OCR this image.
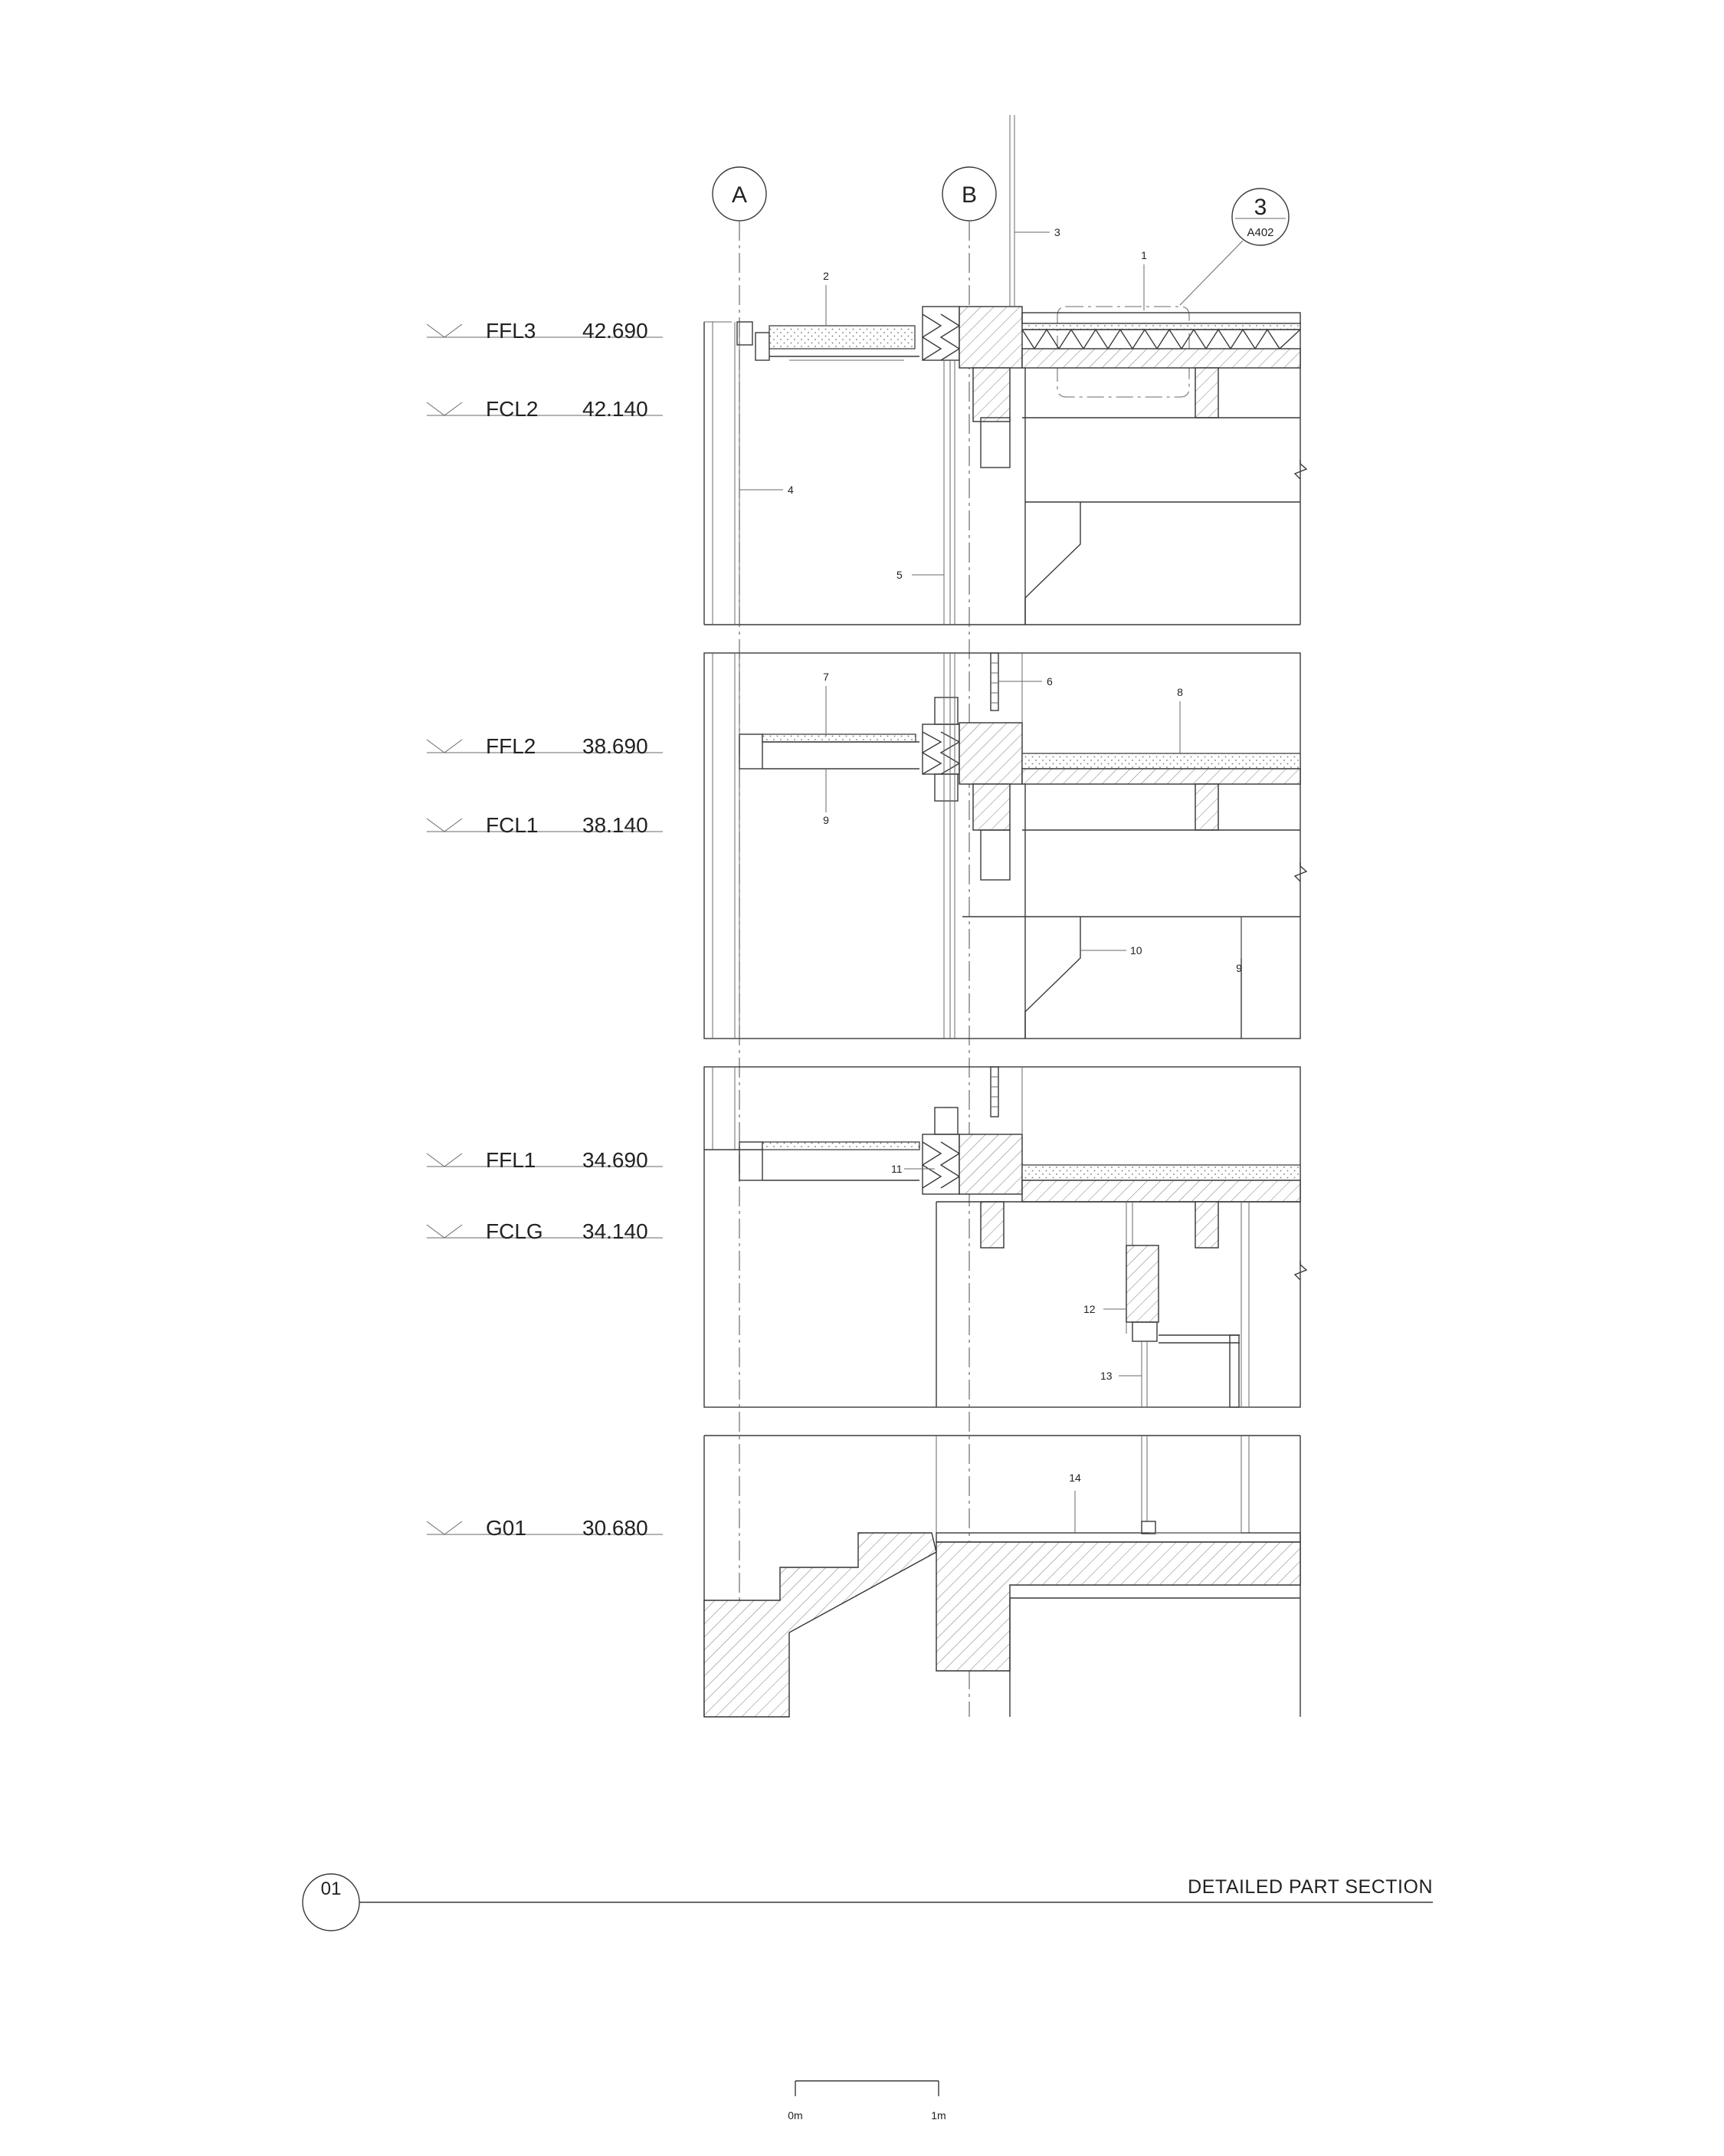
A	B	3
A402
FFL3 42.690
FCL2 42.140
FFL2 38.690
FCL1 38.140
FFL1 34.690
FCLG 34.140
G01	30.680
1
2
3
4
5
6
7
8
9
9
10
11
12
13
14
01	DETAILED PART SECTION
0m	1m
